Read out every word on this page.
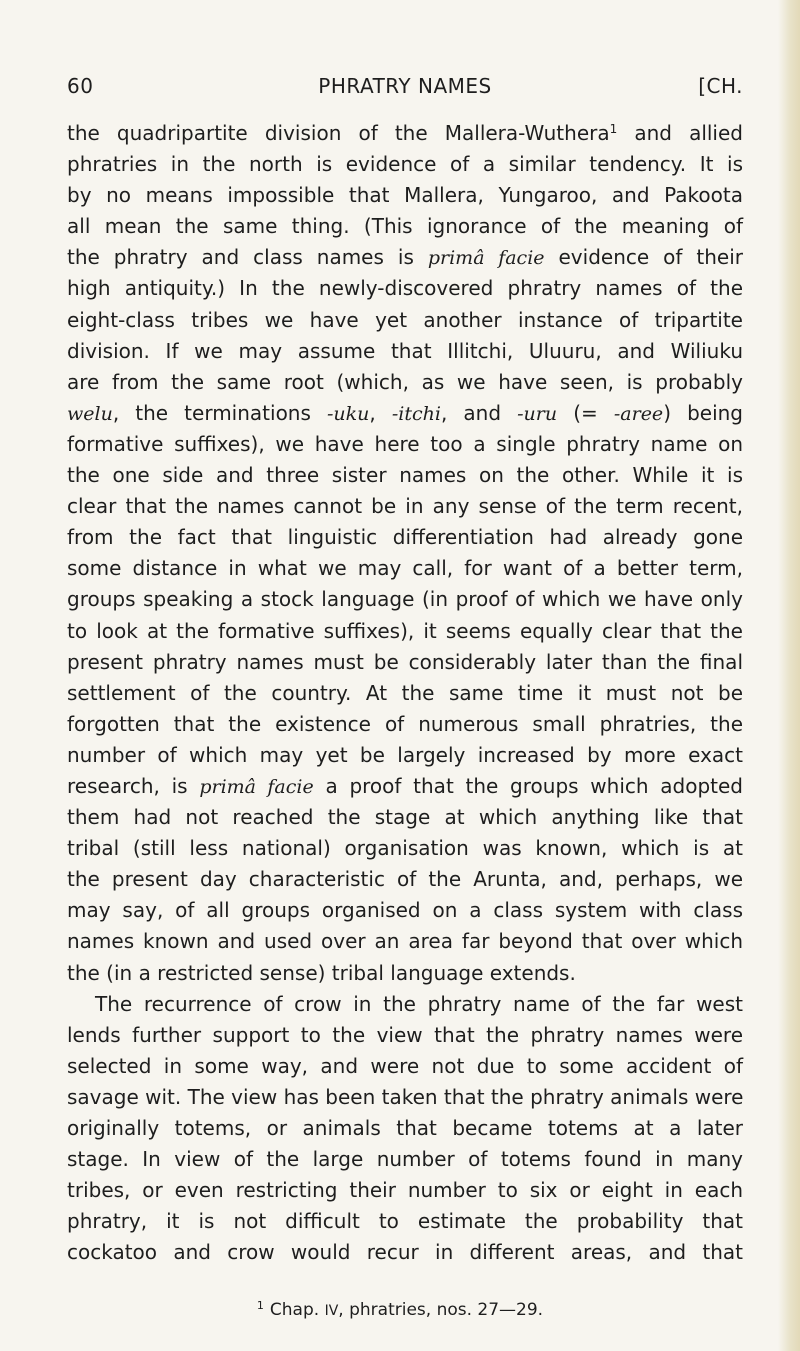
60	PHRATRY NAMES	[CH.
the quadripartite division of the Mallera-Wuthera$^1$ and allied
phratries in the north is evidence of a similar tendency. It is
by no means impossible that Mallera, Yungaroo, and Pakoota
all mean the same thing. (This ignorance of the meaning of
the phratry and class names is primâ facie evidence of their
high antiquity.) In the newly-discovered phratry names of the
eight-class tribes we have yet another instance of tripartite
division. If we may assume that Illitchi, Uluuru, and Wiliuku
are from the same root (which, as we have seen, is probably
welu, the terminations -uku, -itchi, and -uru (= -aree) being
formative suffixes), we have here too a single phratry name on
the one side and three sister names on the other. While it is
clear that the names cannot be in any sense of the term recent,
from the fact that linguistic differentiation had already gone
some distance in what we may call, for want of a better term,
groups speaking a stock language (in proof of which we have only
to look at the formative suffixes), it seems equally clear that the
present phratry names must be considerably later than the final
settlement of the country. At the same time it must not be
forgotten that the existence of numerous small phratries, the
number of which may yet be largely increased by more exact
research, is primâ facie a proof that the groups which adopted
them had not reached the stage at which anything like that
tribal (still less national) organisation was known, which is at
the present day characteristic of the Arunta, and, perhaps, we
may say, of all groups organised on a class system with class
names known and used over an area far beyond that over which
the (in a restricted sense) tribal language extends.
The recurrence of crow in the phratry name of the far west
lends further support to the view that the phratry names were
selected in some way, and were not due to some accident of
savage wit. The view has been taken that the phratry animals were
originally totems, or animals that became totems at a later
stage. In view of the large number of totems found in many
tribes, or even restricting their number to six or eight in each
phratry, it is not difficult to estimate the probability that
cockatoo and crow would recur in different areas, and that
$^1$ Chap. IV, phratries, nos. 27—29.
